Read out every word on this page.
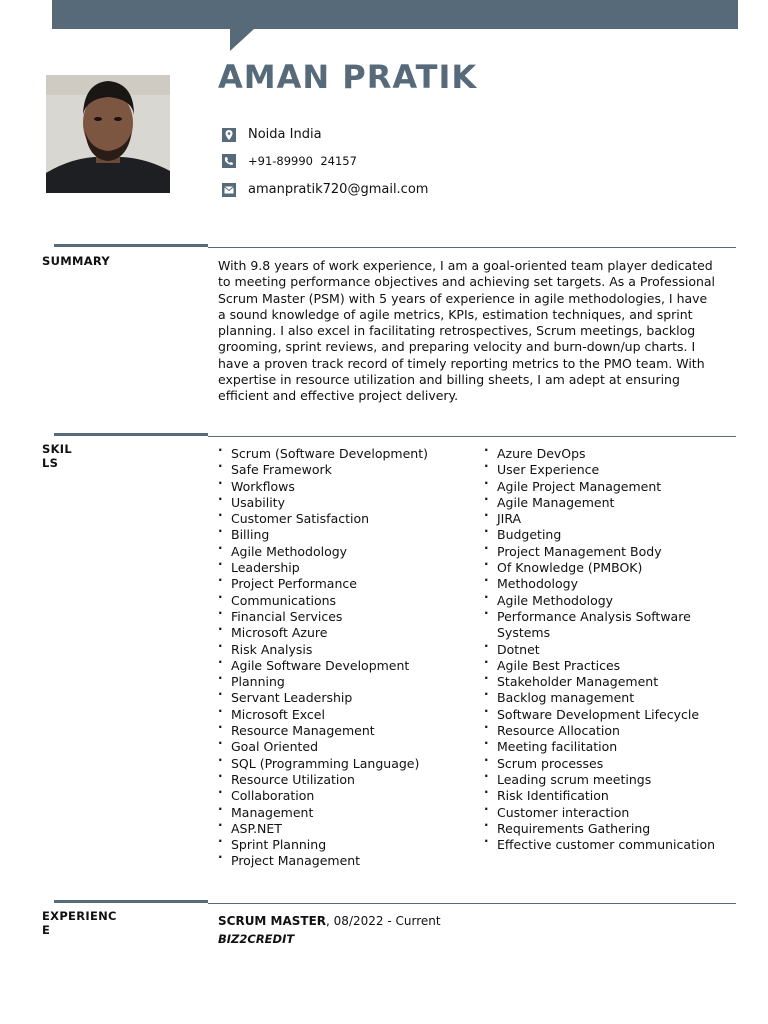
AMAN PRATIK
Noida India
+91-89990  24157
amanpratik720@gmail.com
SUMMARY	With 9.8 years of work experience, I am a goal-oriented team player dedicated to meeting performance objectives and achieving set targets. As a Professional Scrum Master (PSM) with 5 years of experience in agile methodologies, I have a sound knowledge of agile metrics, KPIs, estimation techniques, and sprint planning. I also excel in facilitating retrospectives, Scrum meetings, backlog grooming, sprint reviews, and preparing velocity and burn-down/up charts. I have a proven track record of timely reporting metrics to the PMO team. With expertise in resource utilization and billing sheets, I am adept at ensuring efficient and effective project delivery.

SKILLS
· Scrum (Software Development)
· Safe Framework
· Workflows
· Usability
· Customer Satisfaction
· Billing
· Agile Methodology
· Leadership
· Project Performance
· Communications
· Financial Services
· Microsoft Azure
· Risk Analysis
· Agile Software Development
· Planning
· Servant Leadership
· Microsoft Excel
· Resource Management
· Goal Oriented
· SQL (Programming Language)
· Resource Utilization
· Collaboration
· Management
· ASP.NET
· Sprint Planning
· Project Management
· Azure DevOps
· User Experience
· Agile Project Management
· Agile Management
· JIRA
· Budgeting
· Project Management Body
· Of Knowledge (PMBOK)
· Methodology
· Agile Methodology
· Performance Analysis Software Systems
· Dotnet
· Agile Best Practices
· Stakeholder Management
· Backlog management
· Software Development Lifecycle
· Resource Allocation
· Meeting facilitation
· Scrum processes
· Leading scrum meetings
· Risk Identification
· Customer interaction
· Requirements Gathering
· Effective customer communication
EXPERIENCE
SCRUM MASTER, 08/2022 - Current
BIZ2CREDIT
